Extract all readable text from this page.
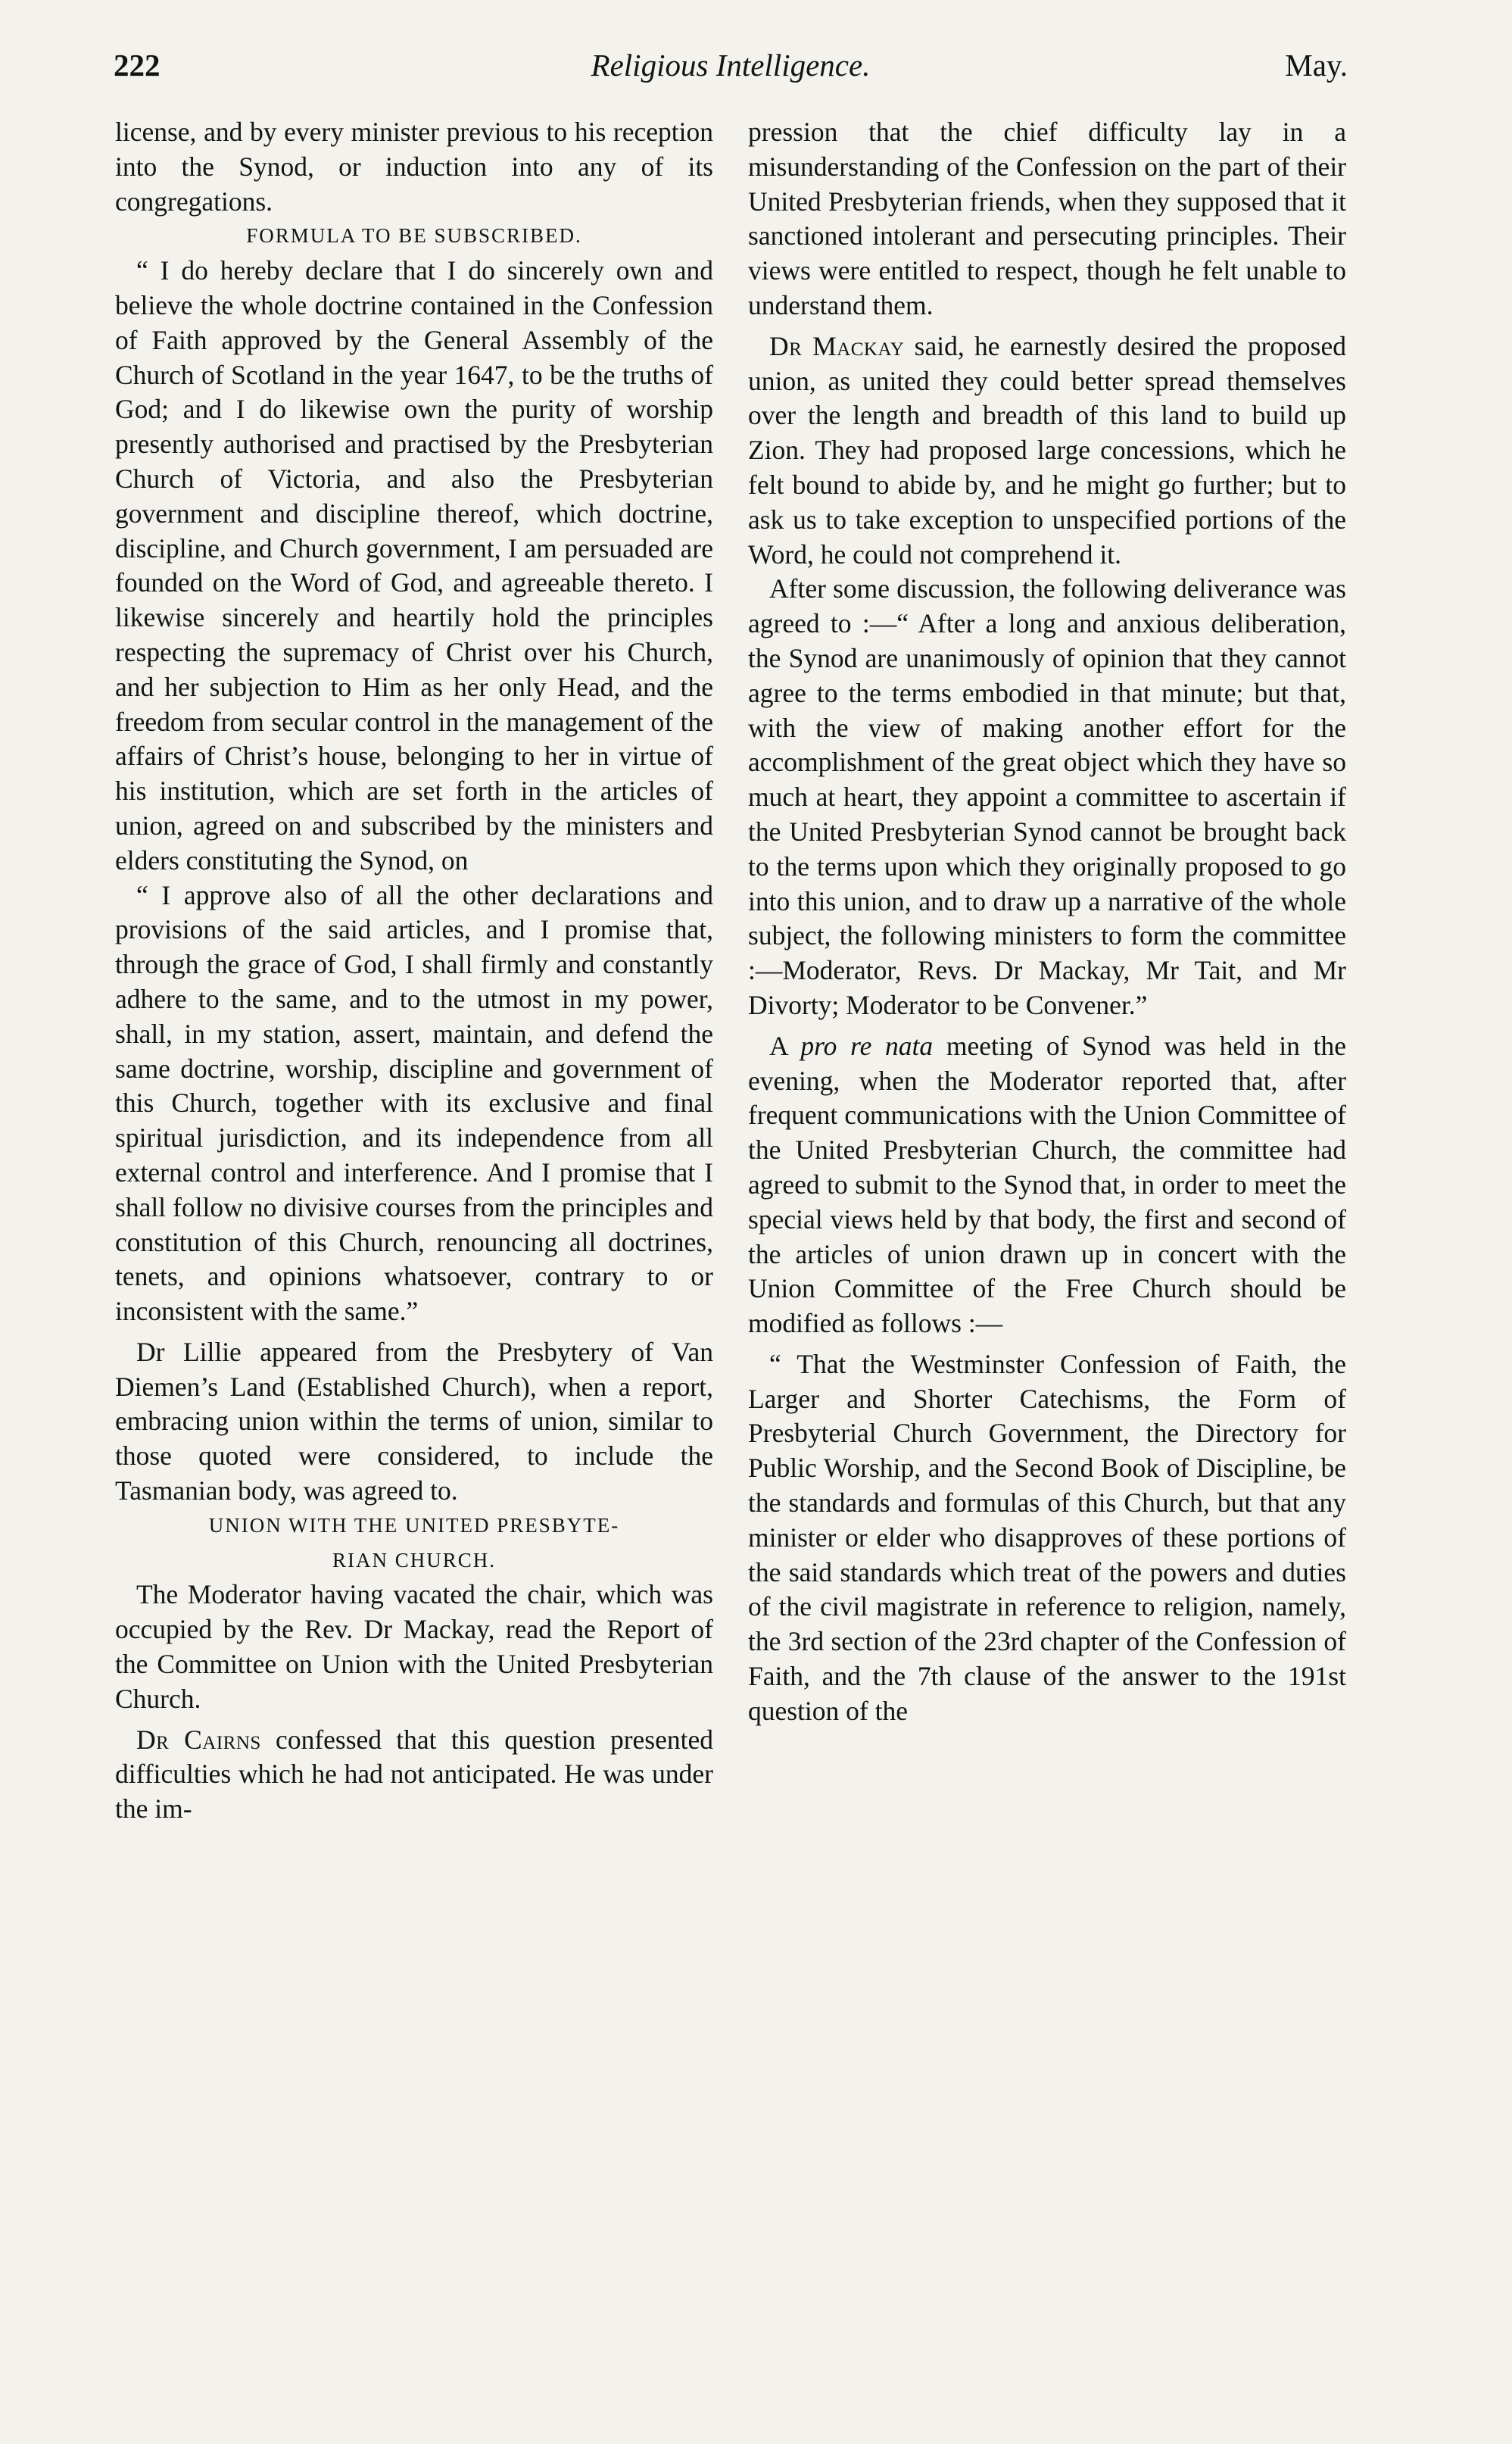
222	Religious Intelligence.	May.

license, and by every minister previous to his reception into the Synod, or induction into any of its congregations.

FORMULA TO BE SUBSCRIBED.

“ I do hereby declare that I do sincerely own and believe the whole doctrine contained in the Confession of Faith approved by the General Assembly of the Church of Scotland in the year 1647, to be the truths of God; and I do likewise own the purity of worship presently authorised and practised by the Presbyterian Church of Victoria, and also the Presbyterian government and discipline thereof, which doctrine, discipline, and Church government, I am persuaded are founded on the Word of God, and agreeable thereto. I likewise sincerely and heartily hold the principles respecting the supremacy of Christ over his Church, and her subjection to Him as her only Head, and the freedom from secular control in the management of the affairs of Christ’s house, belonging to her in virtue of his institution, which are set forth in the articles of union, agreed on and subscribed by the ministers and elders constituting the Synod, on

“ I approve also of all the other declarations and provisions of the said articles, and I promise that, through the grace of God, I shall firmly and constantly adhere to the same, and to the utmost in my power, shall, in my station, assert, maintain, and defend the same doctrine, worship, discipline and government of this Church, together with its exclusive and final spiritual jurisdiction, and its independence from all external control and interference. And I promise that I shall follow no divisive courses from the principles and constitution of this Church, renouncing all doctrines, tenets, and opinions whatsoever, contrary to or inconsistent with the same.”

Dr Lillie appeared from the Presbytery of Van Diemen’s Land (Established Church), when a report, embracing union within the terms of union, similar to those quoted were considered, to include the Tasmanian body, was agreed to.

UNION WITH THE UNITED PRESBYTE-
RIAN CHURCH.

The Moderator having vacated the chair, which was occupied by the Rev. Dr Mackay, read the Report of the Committee on Union with the United Presbyterian Church.

Dr Cairns confessed that this question presented difficulties which he had not anticipated. He was under the im-

pression that the chief difficulty lay in a misunderstanding of the Confession on the part of their United Presbyterian friends, when they supposed that it sanctioned intolerant and persecuting principles. Their views were entitled to respect, though he felt unable to understand them.

Dr Mackay said, he earnestly desired the proposed union, as united they could better spread themselves over the length and breadth of this land to build up Zion. They had proposed large concessions, which he felt bound to abide by, and he might go further; but to ask us to take exception to unspecified portions of the Word, he could not comprehend it.

After some discussion, the following deliverance was agreed to :—“ After a long and anxious deliberation, the Synod are unanimously of opinion that they cannot agree to the terms embodied in that minute; but that, with the view of making another effort for the accomplishment of the great object which they have so much at heart, they appoint a committee to ascertain if the United Presbyterian Synod cannot be brought back to the terms upon which they originally proposed to go into this union, and to draw up a narrative of the whole subject, the following ministers to form the committee :—Moderator, Revs. Dr Mackay, Mr Tait, and Mr Divorty; Moderator to be Convener.”

A pro re nata meeting of Synod was held in the evening, when the Moderator reported that, after frequent communications with the Union Committee of the United Presbyterian Church, the committee had agreed to submit to the Synod that, in order to meet the special views held by that body, the first and second of the articles of union drawn up in concert with the Union Committee of the Free Church should be modified as follows :—

“ That the Westminster Confession of Faith, the Larger and Shorter Catechisms, the Form of Presbyterial Church Government, the Directory for Public Worship, and the Second Book of Discipline, be the standards and formulas of this Church, but that any minister or elder who disapproves of these portions of the said standards which treat of the powers and duties of the civil magistrate in reference to religion, namely, the 3rd section of the 23rd chapter of the Confession of Faith, and the 7th clause of the answer to the 191st question of the
